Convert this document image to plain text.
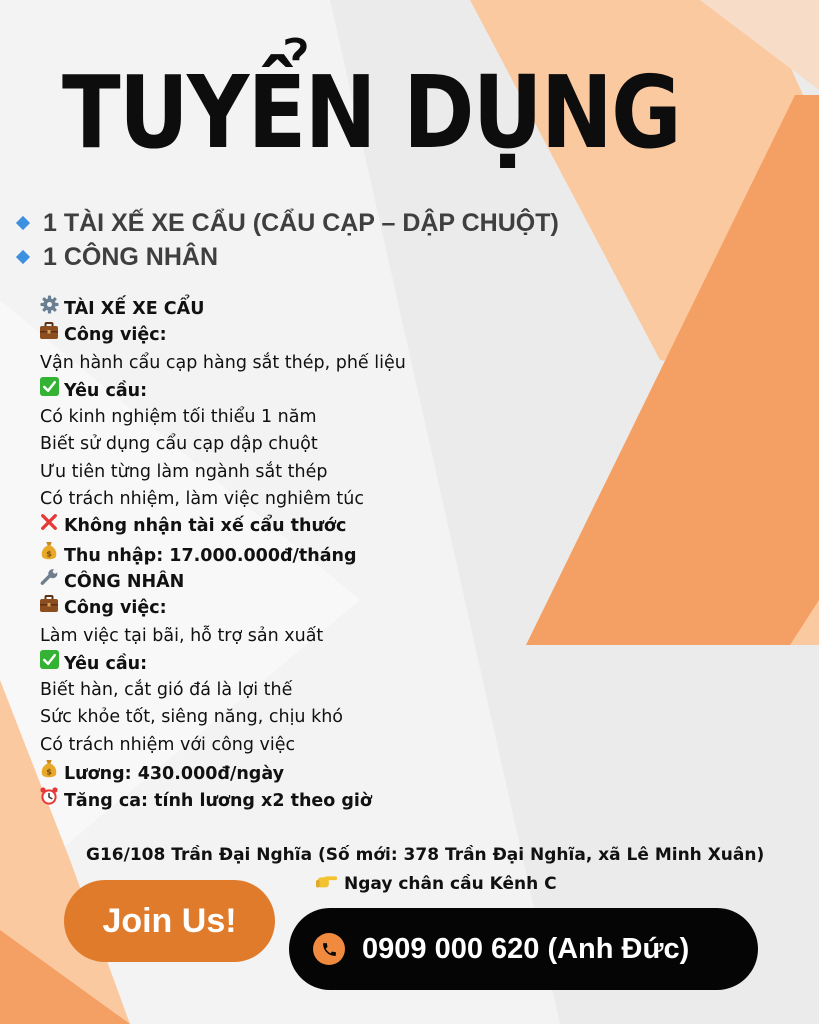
TUYỂN DỤNG
1 TÀI XẾ XE CẨU (CẨU CẠP – DẬP CHUỘT)
1 CÔNG NHÂN
TÀI XẾ XE CẨU
Công việc:
Vận hành cẩu cạp hàng sắt thép, phế liệu
Yêu cầu:
Có kinh nghiệm tối thiểu 1 năm
Biết sử dụng cẩu cạp dập chuột
Ưu tiên từng làm ngành sắt thép
Có trách nhiệm, làm việc nghiêm túc
Không nhận tài xế cẩu thước
$ Thu nhập: 17.000.000đ/tháng
CÔNG NHÂN
Công việc:
Làm việc tại bãi, hỗ trợ sản xuất
Yêu cầu:
Biết hàn, cắt gió đá là lợi thế
Sức khỏe tốt, siêng năng, chịu khó
Có trách nhiệm với công việc
$ Lương: 430.000đ/ngày
Tăng ca: tính lương x2 theo giờ
G16/108 Trần Đại Nghĩa (Số mới: 378 Trần Đại Nghĩa, xã Lê Minh Xuân)
Ngay chân cầu Kênh C
Join Us!
0909 000 620 (Anh Đức)
